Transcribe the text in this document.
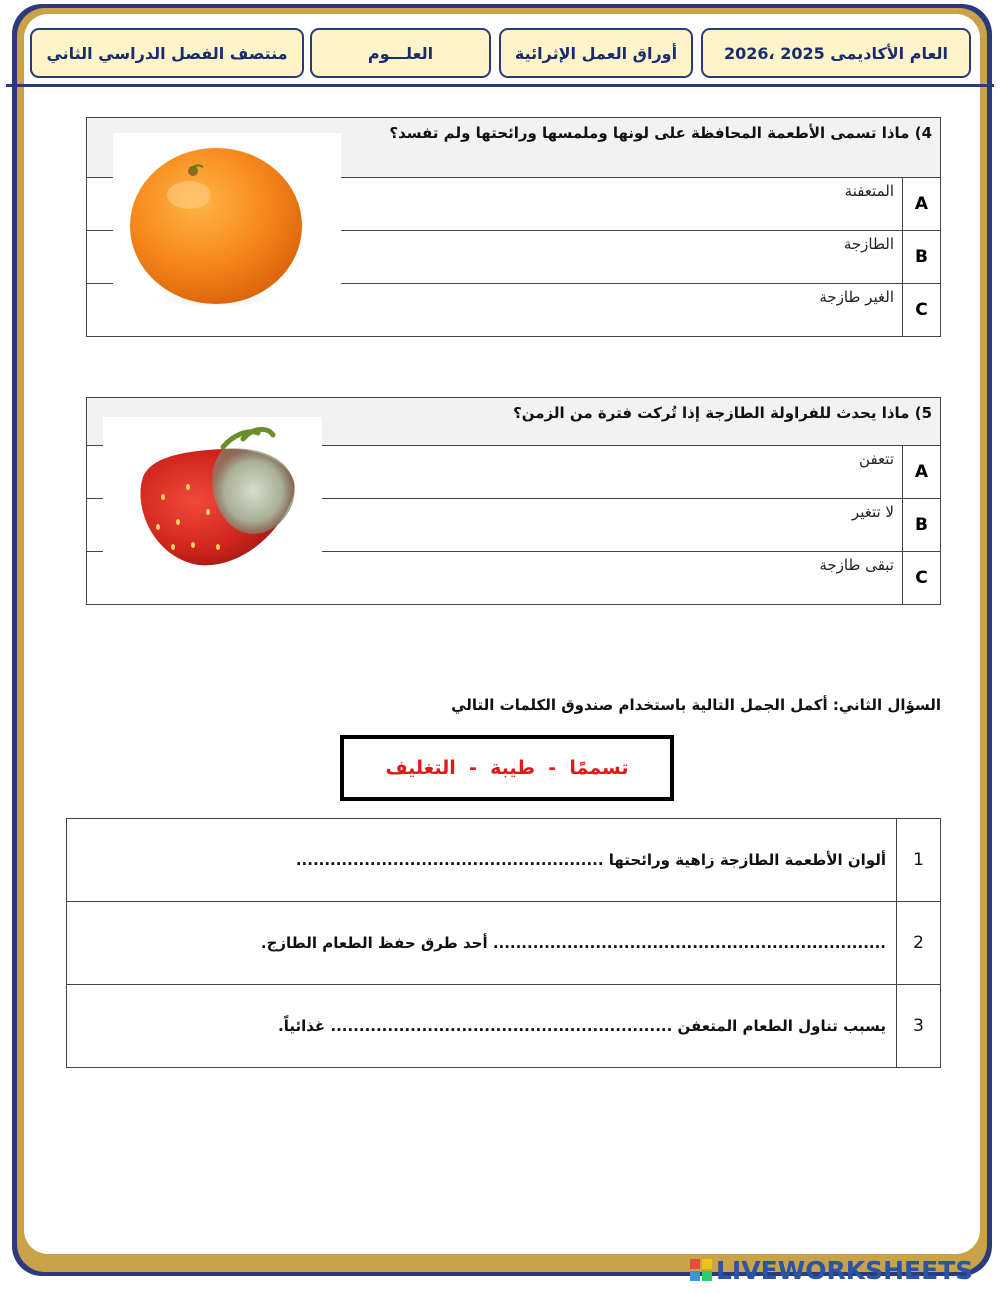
العام الأكاديمى 2025 ،2026
أوراق العمل الإثرائية
العلـــوم
منتصف الفصل الدراسي الثاني
4) ماذا تسمى الأطعمة المحافظة على لونها وملمسها ورائحتها ولم تفسد؟	
A	المتعفنة
B	الطازجة
C	الغير طازجة
5) ماذا يحدث للفراولة الطازجة إذا تُركت فترة من الزمن؟	
A	تتعفن
B	لا تتغير
C	تبقى طازجة
السؤال الثاني: أكمل الجمل التالية باستخدام صندوق الكلمات التالي
تسممًا  -  طيبة  -  التغليف
1	ألوان الأطعمة الطازجة زاهية ورائحتها ......................................................
2	..................................................................... أحد طرق حفظ الطعام الطازج.
3	يسبب تناول الطعام المتعفن ............................................................ غذائياً.
LIVEWORKSHEETS
